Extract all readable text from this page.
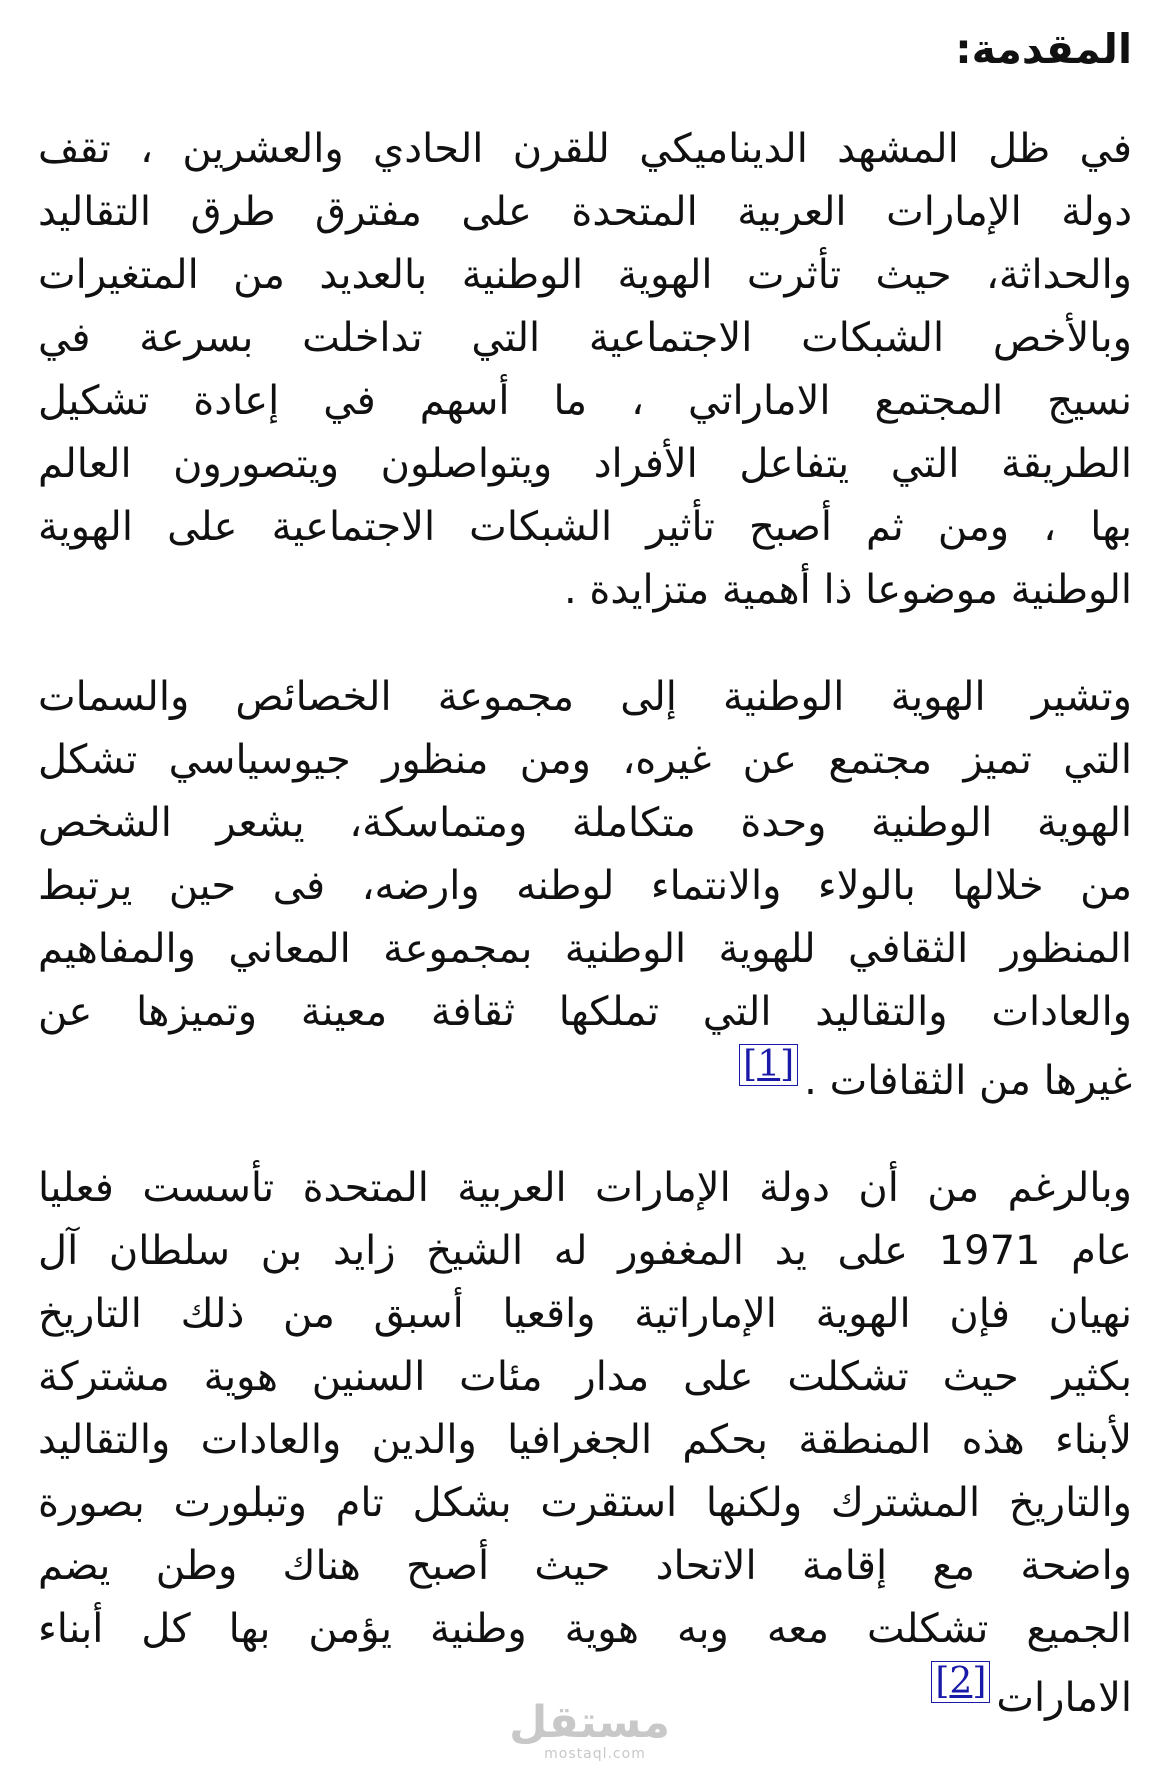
المقدمة:

في ظل المشهد الديناميكي للقرن الحادي والعشرين ، تقف
دولة الإمارات العربية المتحدة على مفترق طرق التقاليد
والحداثة، حيث تأثرت الهوية الوطنية بالعديد من المتغيرات
وبالأخص الشبكات الاجتماعية التي تداخلت بسرعة في
نسيج المجتمع الاماراتي ، ما أسهم في إعادة تشكيل
الطريقة التي يتفاعل الأفراد ويتواصلون ويتصورون العالم
بها ، ومن ثم أصبح تأثير الشبكات الاجتماعية على الهوية
الوطنية موضوعا ذا أهمية متزايدة .

وتشير الهوية الوطنية إلى مجموعة الخصائص والسمات
التي تميز مجتمع عن غيره، ومن منظور جيوسياسي تشكل
الهوية الوطنية وحدة متكاملة ومتماسكة، يشعر الشخص
من خلالها بالولاء والانتماء لوطنه وارضه، فى حين يرتبط
المنظور الثقافي للهوية الوطنية بمجموعة المعاني والمفاهيم
والعادات والتقاليد التي تملكها ثقافة معينة وتميزها عن
غيرها من الثقافات .[1]

وبالرغم من أن دولة الإمارات العربية المتحدة تأسست فعليا
عام 1971 على يد المغفور له الشيخ زايد بن سلطان آل
نهيان فإن الهوية الإماراتية واقعيا أسبق من ذلك التاريخ
بكثير حيث تشكلت على مدار مئات السنين هوية مشتركة
لأبناء هذه المنطقة بحكم الجغرافيا والدين والعادات والتقاليد
والتاريخ المشترك ولكنها استقرت بشكل تام وتبلورت بصورة
واضحة مع إقامة الاتحاد حيث أصبح هناك وطن يضم
الجميع تشكلت معه وبه هوية وطنية يؤمن بها كل أبناء
الامارات[2]

مستقل
mostaql.com
